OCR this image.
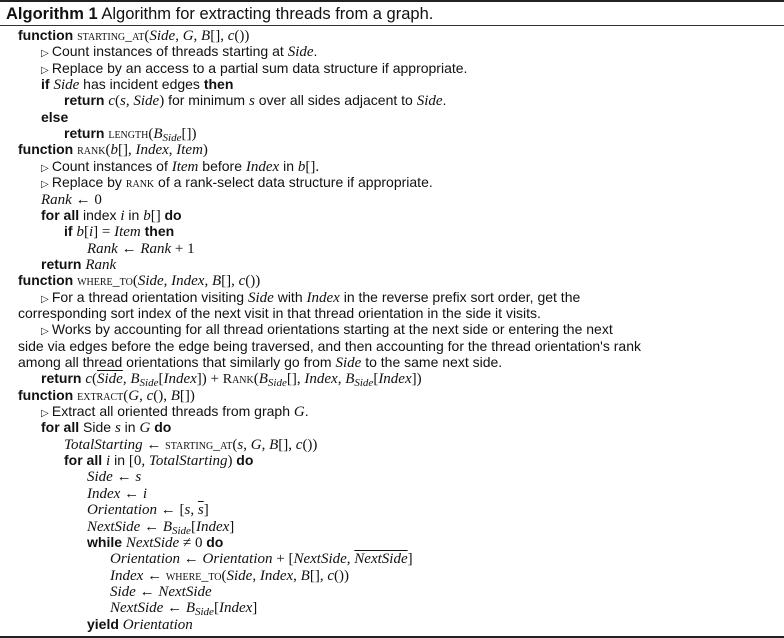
Algorithm 1 Algorithm for extracting threads from a graph.
function starting_at(Side, G, B[], c())
▷ Count instances of threads starting at Side.
▷ Replace by an access to a partial sum data structure if appropriate.
if Side has incident edges then
return c(s, Side) for minimum s over all sides adjacent to Side.
else
return $length(B_{Side}[])$
function rank(b[], Index, Item)
▷ Count instances of Item before Index in b[].
▷ Replace by rank of a rank-select data structure if appropriate.
Rank ← 0
for all index i in b[] do
if b[i] = Item then
Rank ← Rank + 1
return Rank
function where_to(Side, Index, B[], c())
▷ For a thread orientation visiting Side with Index in the reverse prefix sort order, get the
corresponding sort index of the next visit in that thread orientation in the side it visits.
▷ Works by accounting for all thread orientations starting at the next side or entering the next
side via edges before the edge being traversed, and then accounting for the thread orientation's rank
among all thread orientations that similarly go from Side to the same next side.
return c(Side, $B_{Side}[Index]$) + $Rank(B_{Side}[]$, Index, $B_{Side}[Index]$)
function extract(G, c(), B[])
▷ Extract all oriented threads from graph G.
for all Side s in G do
TotalStarting ← starting_at(s, G, B[], c())
for all i in [0, TotalStarting) do
Side ← s
Index ← i
Orientation ← [s, $\overline{s}$]
NextSide ← $B_{Side}[Index]$
while NextSide ≠ 0 do
Orientation ← Orientation + [NextSide, NextSide]
Index ← where_to(Side, Index, B[], c())
Side ← NextSide
NextSide ← $B_{Side}[Index]$
yield Orientation
